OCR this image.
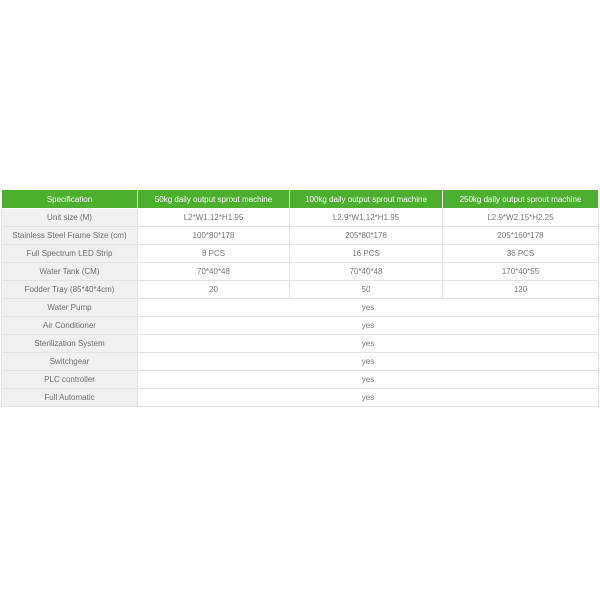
Specification	50kg daily output sprout machine	100kg daily output sprout machine	250kg daily output sprout machine
Unit size (M)	L2*W1.12*H1.95	L2.9*W1.12*H1.95	L2.9*W2.15*H2.25
Stainless Steel Frame Size (cm)	100*80*178	205*80*178	205*160*178
Full Spectrum LED Strip	8 PCS	16 PCS	36 PCS
Water Tank (CM)	70*40*48	70*40*48	170*40*55
Fodder Tray (85*40*4cm)	20	50	120
Water Pump	yes		
Air Conditioner	yes		
Sterilization System	yes		
Switchgear	yes		
PLC controller	yes		
Full Automatic	yes		
